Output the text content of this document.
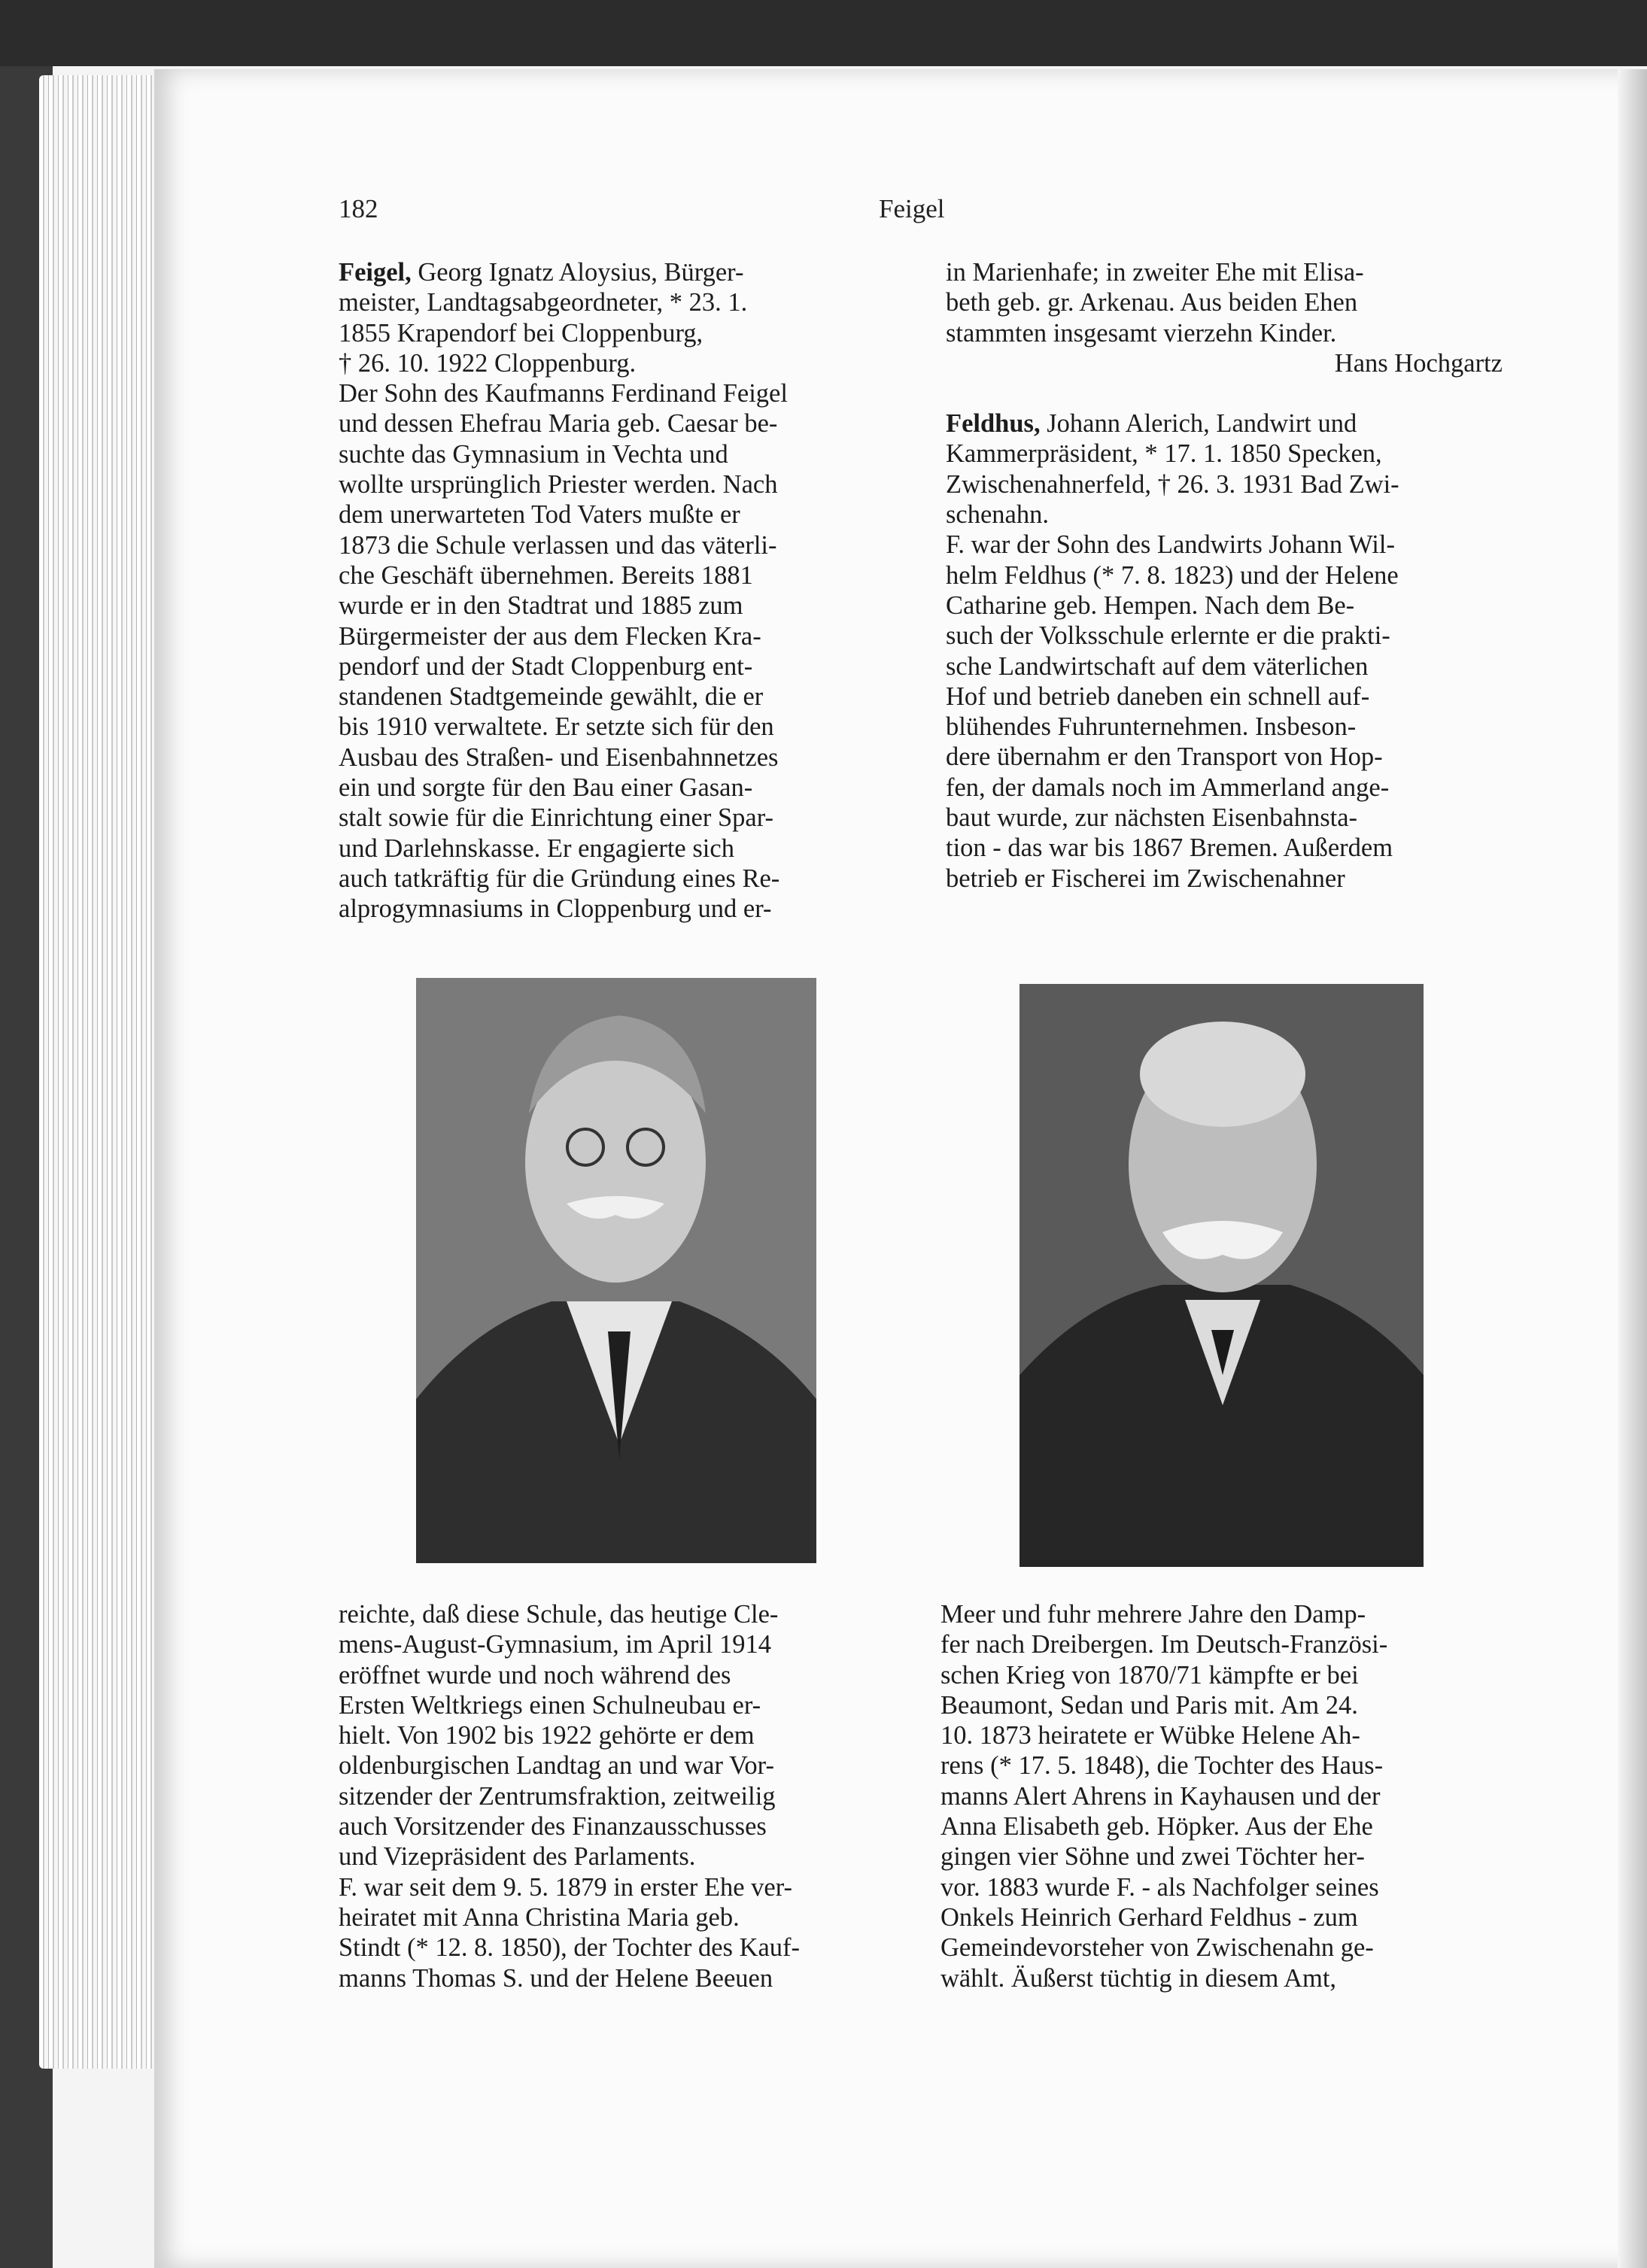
182	Feigel

Feigel, Georg Ignatz Aloysius, Bürger-

meister, Landtagsabgeordneter, * 23. 1.

1855 Krapendorf bei Cloppenburg,

† 26. 10. 1922 Cloppenburg.

Der Sohn des Kaufmanns Ferdinand Feigel

und dessen Ehefrau Maria geb. Caesar be-

suchte das Gymnasium in Vechta und

wollte ursprünglich Priester werden. Nach

dem unerwarteten Tod Vaters mußte er

1873 die Schule verlassen und das väterli-

che Geschäft übernehmen. Bereits 1881

wurde er in den Stadtrat und 1885 zum

Bürgermeister der aus dem Flecken Kra-

pendorf und der Stadt Cloppenburg ent-

standenen Stadtgemeinde gewählt, die er

bis 1910 verwaltete. Er setzte sich für den

Ausbau des Straßen- und Eisenbahnnetzes

ein und sorgte für den Bau einer Gasan-

stalt sowie für die Einrichtung einer Spar-

und Darlehnskasse. Er engagierte sich

auch tatkräftig für die Gründung eines Re-

alprogymnasiums in Cloppenburg und er-

in Marienhafe; in zweiter Ehe mit Elisa-

beth geb. gr. Arkenau. Aus beiden Ehen

stammten insgesamt vierzehn Kinder.

Hans Hochgartz

Feldhus, Johann Alerich, Landwirt und

Kammerpräsident, * 17. 1. 1850 Specken,

Zwischenahnerfeld, † 26. 3. 1931 Bad Zwi-

schenahn.

F. war der Sohn des Landwirts Johann Wil-

helm Feldhus (* 7. 8. 1823) und der Helene

Catharine geb. Hempen. Nach dem Be-

such der Volksschule erlernte er die prakti-

sche Landwirtschaft auf dem väterlichen

Hof und betrieb daneben ein schnell auf-

blühendes Fuhrunternehmen. Insbeson-

dere übernahm er den Transport von Hop-

fen, der damals noch im Ammerland ange-

baut wurde, zur nächsten Eisenbahnsta-

tion - das war bis 1867 Bremen. Außerdem

betrieb er Fischerei im Zwischenahner

reichte, daß diese Schule, das heutige Cle-

mens-August-Gymnasium, im April 1914

eröffnet wurde und noch während des

Ersten Weltkriegs einen Schulneubau er-

hielt. Von 1902 bis 1922 gehörte er dem

oldenburgischen Landtag an und war Vor-

sitzender der Zentrumsfraktion, zeitweilig

auch Vorsitzender des Finanzausschusses

und Vizepräsident des Parlaments.

F. war seit dem 9. 5. 1879 in erster Ehe ver-

heiratet mit Anna Christina Maria geb.

Stindt (* 12. 8. 1850), der Tochter des Kauf-

manns Thomas S. und der Helene Beeuen

Meer und fuhr mehrere Jahre den Damp-

fer nach Dreibergen. Im Deutsch-Französi-

schen Krieg von 1870/71 kämpfte er bei

Beaumont, Sedan und Paris mit. Am 24.

10. 1873 heiratete er Wübke Helene Ah-

rens (* 17. 5. 1848), die Tochter des Haus-

manns Alert Ahrens in Kayhausen und der

Anna Elisabeth geb. Höpker. Aus der Ehe

gingen vier Söhne und zwei Töchter her-

vor. 1883 wurde F. - als Nachfolger seines

Onkels Heinrich Gerhard Feldhus - zum

Gemeindevorsteher von Zwischenahn ge-

wählt. Äußerst tüchtig in diesem Amt,
